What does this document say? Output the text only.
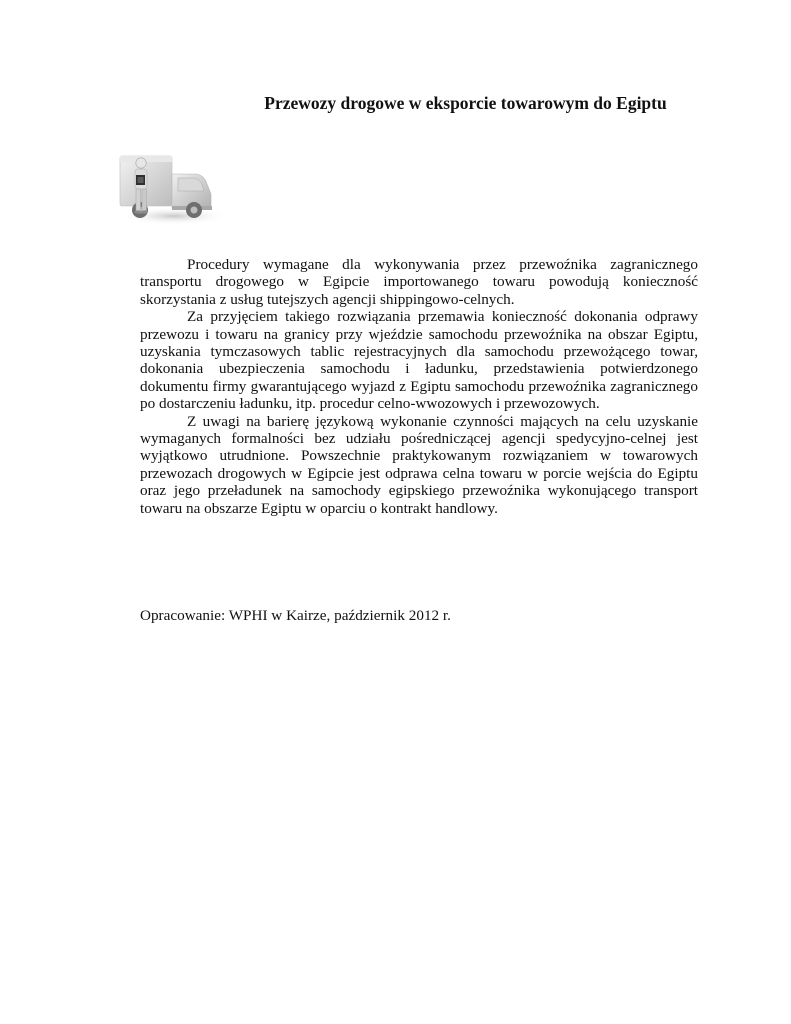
Przewozy drogowe w eksporcie towarowym do Egiptu

Procedury wymagane dla wykonywania przez przewoźnika zagranicznego transportu drogowego w Egipcie importowanego towaru powodują konieczność skorzystania z usług tutejszych agencji shippingowo-celnych.

Za przyjęciem takiego rozwiązania przemawia konieczność dokonania odprawy przewozu i towaru na granicy przy wjeździe samochodu przewoźnika na obszar Egiptu, uzyskania tymczasowych tablic rejestracyjnych dla samochodu przewożącego towar, dokonania ubezpieczenia samochodu i ładunku, przedstawienia potwierdzonego dokumentu firmy gwarantującego wyjazd z Egiptu samochodu przewoźnika zagranicznego po dostarczeniu ładunku, itp. procedur celno-wwozowych i przewozowych.

Z uwagi na barierę językową wykonanie czynności mających na celu uzyskanie wymaganych formalności bez udziału pośredniczącej agencji spedycyjno-celnej jest wyjątkowo utrudnione. Powszechnie praktykowanym rozwiązaniem w towarowych przewozach drogowych w Egipcie jest odprawa celna towaru w porcie wejścia do Egiptu oraz jego przeładunek na samochody egipskiego przewoźnika wykonującego transport towaru na obszarze Egiptu w oparciu o kontrakt handlowy.

Opracowanie: WPHI w Kairze, październik 2012 r.
